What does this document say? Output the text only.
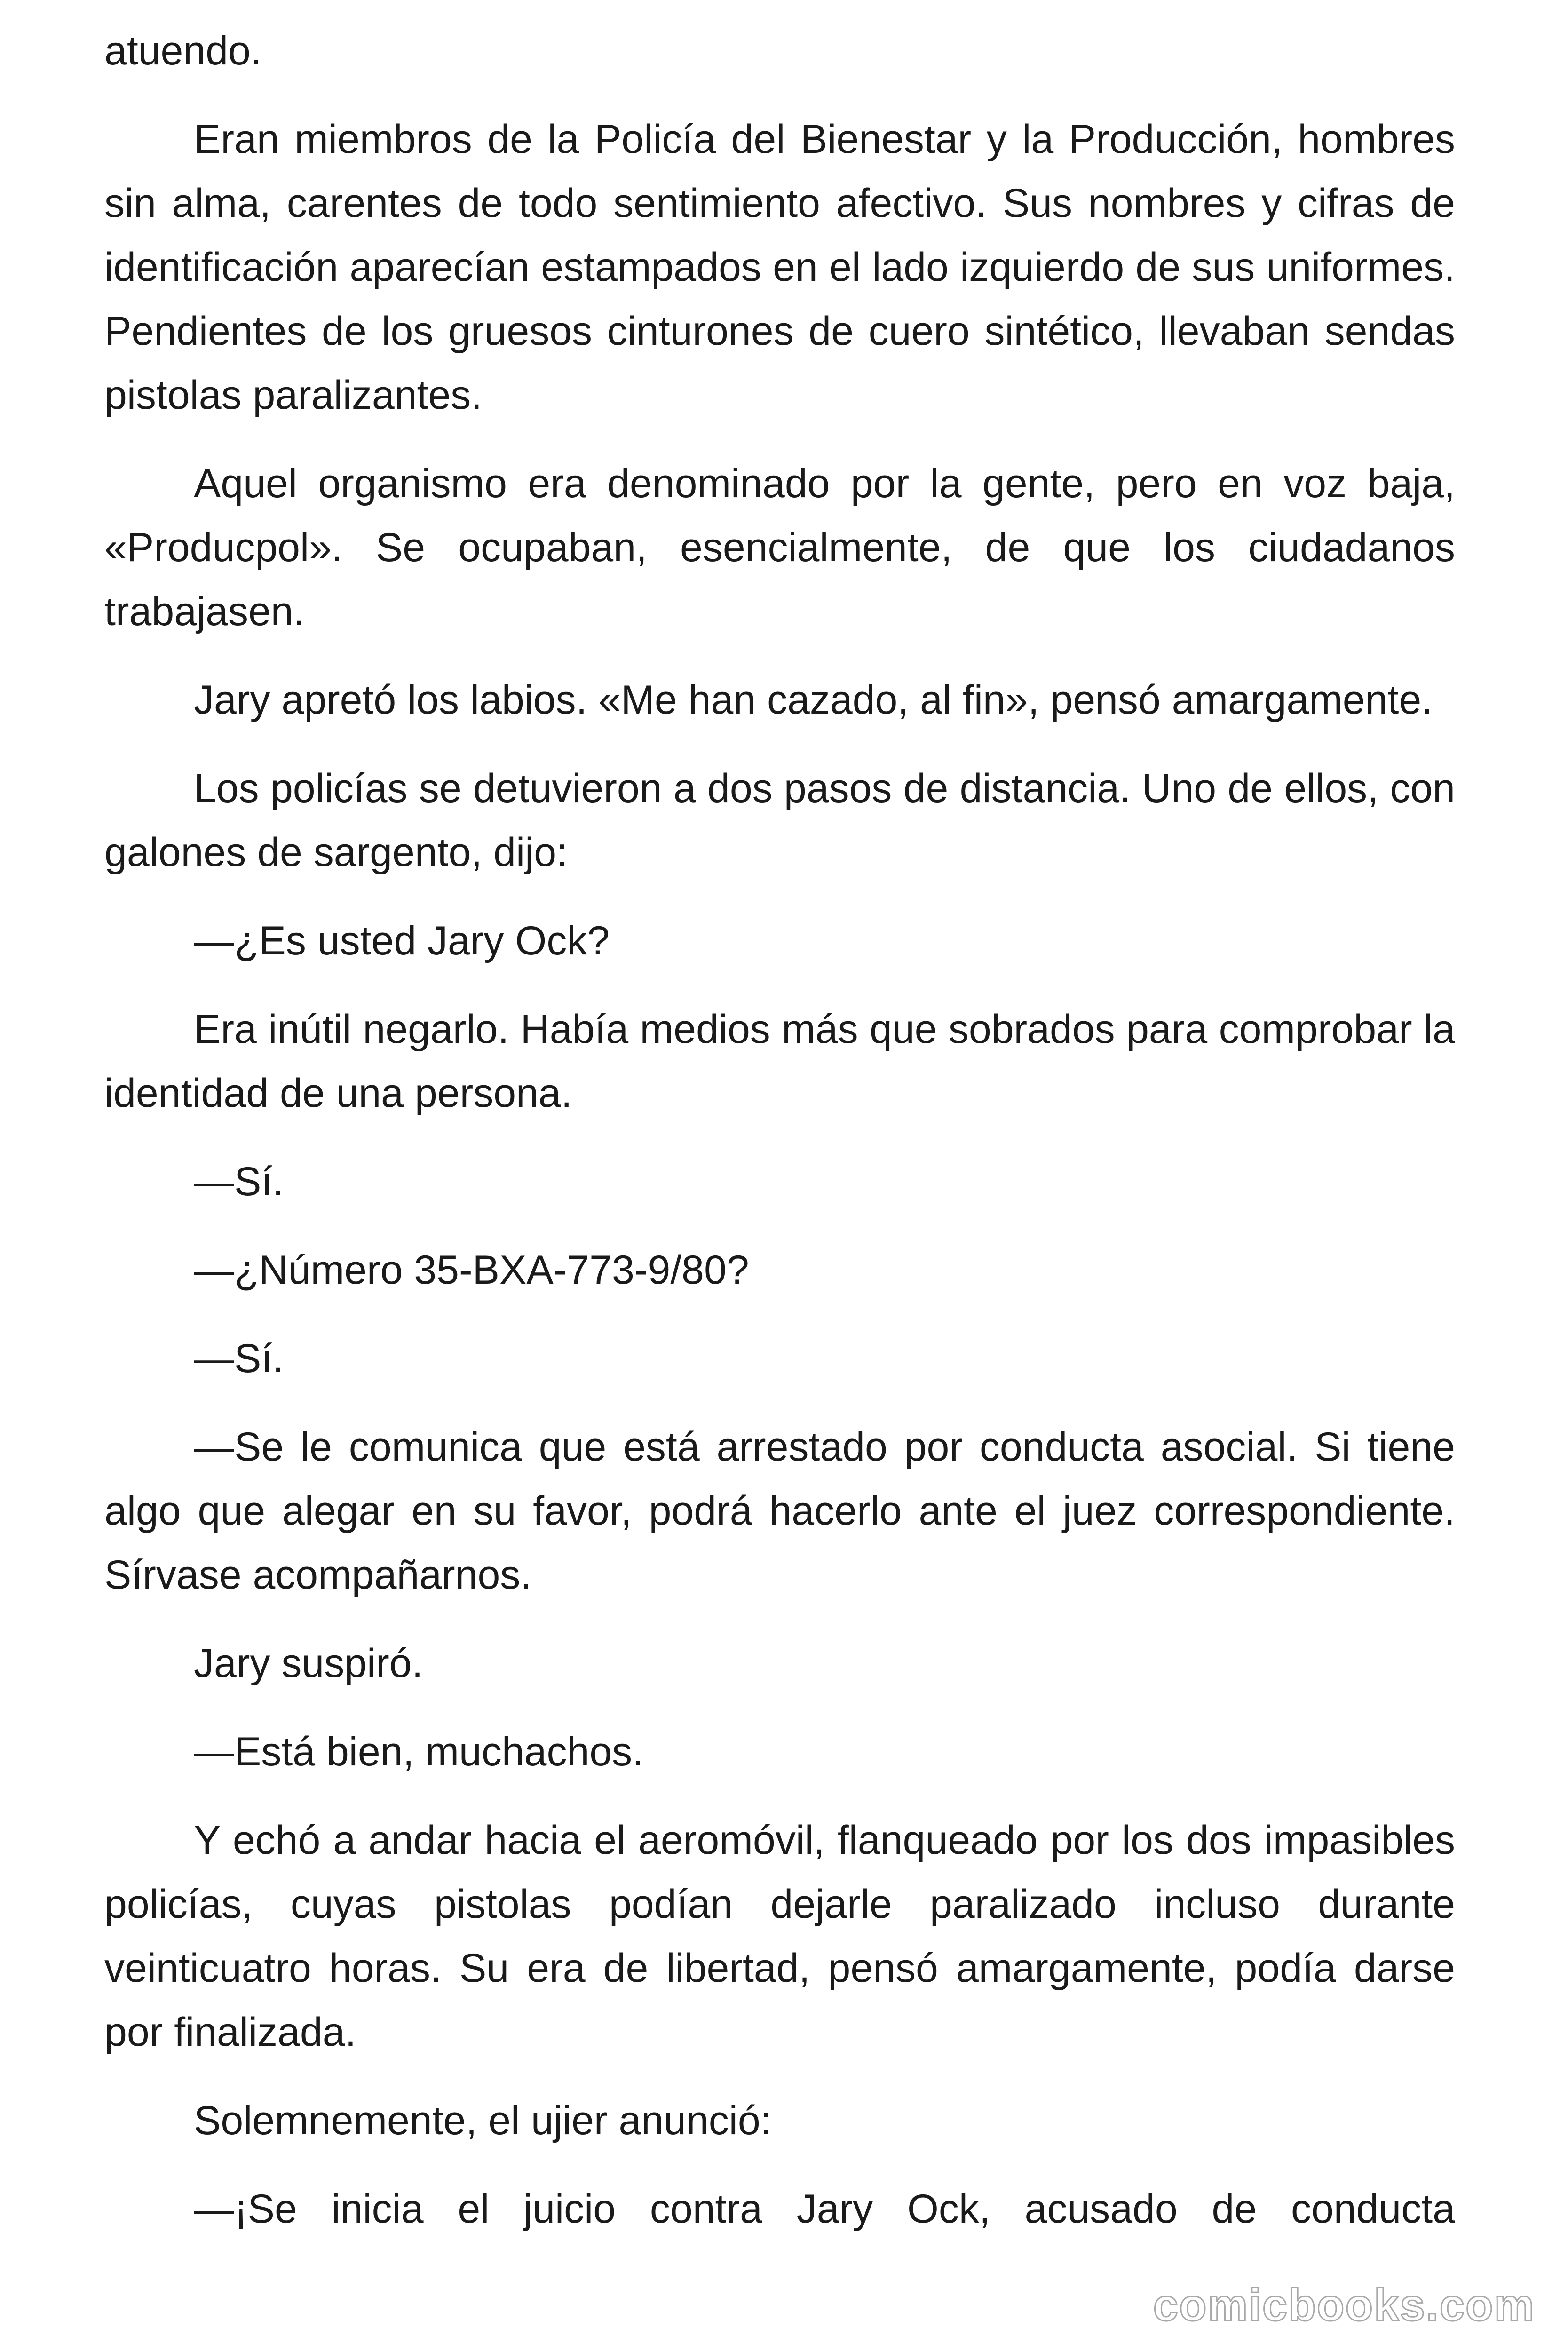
atuendo.

Eran miembros de la Policía del Bienestar y la Producción, hombres sin alma, carentes de todo sentimiento afectivo. Sus nombres y cifras de identificación aparecían estampados en el lado izquierdo de sus uniformes. Pendientes de los gruesos cinturones de cuero sintético, llevaban sendas pistolas paralizantes.

Aquel organismo era denominado por la gente, pero en voz baja, «Producpol». Se ocupaban, esencialmente, de que los ciudadanos trabajasen.

Jary apretó los labios. «Me han cazado, al fin», pensó amargamente.

Los policías se detuvieron a dos pasos de distancia. Uno de ellos, con galones de sargento, dijo:

—¿Es usted Jary Ock?

Era inútil negarlo. Había medios más que sobrados para comprobar la identidad de una persona.

—Sí.

—¿Número 35-BXA-773-9/80?

—Sí.

—Se le comunica que está arrestado por conducta asocial. Si tiene algo que alegar en su favor, podrá hacerlo ante el juez correspondiente. Sírvase acompañarnos.

Jary suspiró.

—Está bien, muchachos.

Y echó a andar hacia el aeromóvil, flanqueado por los dos impasibles policías, cuyas pistolas podían dejarle paralizado incluso durante veinticuatro horas. Su era de libertad, pensó amargamente, podía darse por finalizada.

Solemnemente, el ujier anunció:

—¡Se inicia el juicio contra Jary Ock, acusado de conducta

comicbooks.com
